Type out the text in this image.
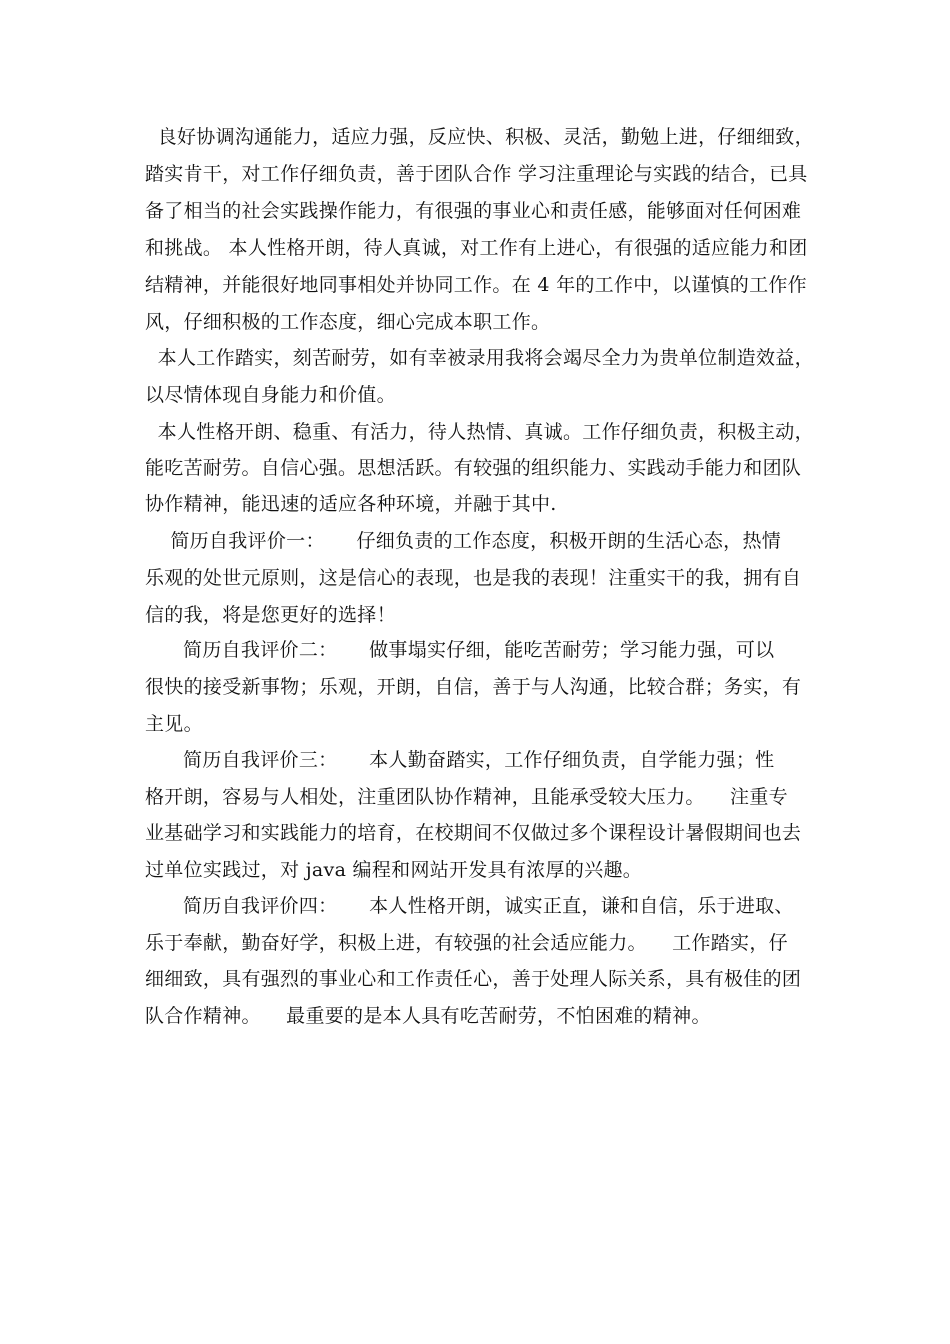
良好协调沟通能力，适应力强，反应快、积极、灵活，勤勉上进，仔细细致，
踏实肯干，对工作仔细负责，善于团队合作 学习注重理论与实践的结合，已具
备了相当的社会实践操作能力，有很强的事业心和责任感，能够面对任何困难
和挑战。 本人性格开朗，待人真诚，对工作有上进心，有很强的适应能力和团
结精神，并能很好地同事相处并协同工作。在 4 年的工作中，以谨慎的工作作
风，仔细积极的工作态度，细心完成本职工作。
本人工作踏实，刻苦耐劳，如有幸被录用我将会竭尽全力为贵单位制造效益，
以尽情体现自身能力和价值。
本人性格开朗、稳重、有活力，待人热情、真诚。工作仔细负责，积极主动，
能吃苦耐劳。自信心强。思想活跃。有较强的组织能力、实践动手能力和团队
协作精神，能迅速的适应各种环境，并融于其中.
简历自我评价一：     仔细负责的工作态度，积极开朗的生活心态，热情
乐观的处世元原则，这是信心的表现，也是我的表现！注重实干的我，拥有自
信的我，将是您更好的选择！
简历自我评价二：     做事塌实仔细，能吃苦耐劳；学习能力强，可以
很快的接受新事物；乐观，开朗，自信，善于与人沟通，比较合群；务实，有
主见。
简历自我评价三：     本人勤奋踏实，工作仔细负责，自学能力强；性
格开朗，容易与人相处，注重团队协作精神，且能承受较大压力。    注重专
业基础学习和实践能力的培育，在校期间不仅做过多个课程设计暑假期间也去
过单位实践过，对 java 编程和网站开发具有浓厚的兴趣。
简历自我评价四：     本人性格开朗，诚实正直，谦和自信，乐于进取、
乐于奉献，勤奋好学，积极上进，有较强的社会适应能力。    工作踏实，仔
细细致，具有强烈的事业心和工作责任心，善于处理人际关系，具有极佳的团
队合作精神。    最重要的是本人具有吃苦耐劳，不怕困难的精神。
